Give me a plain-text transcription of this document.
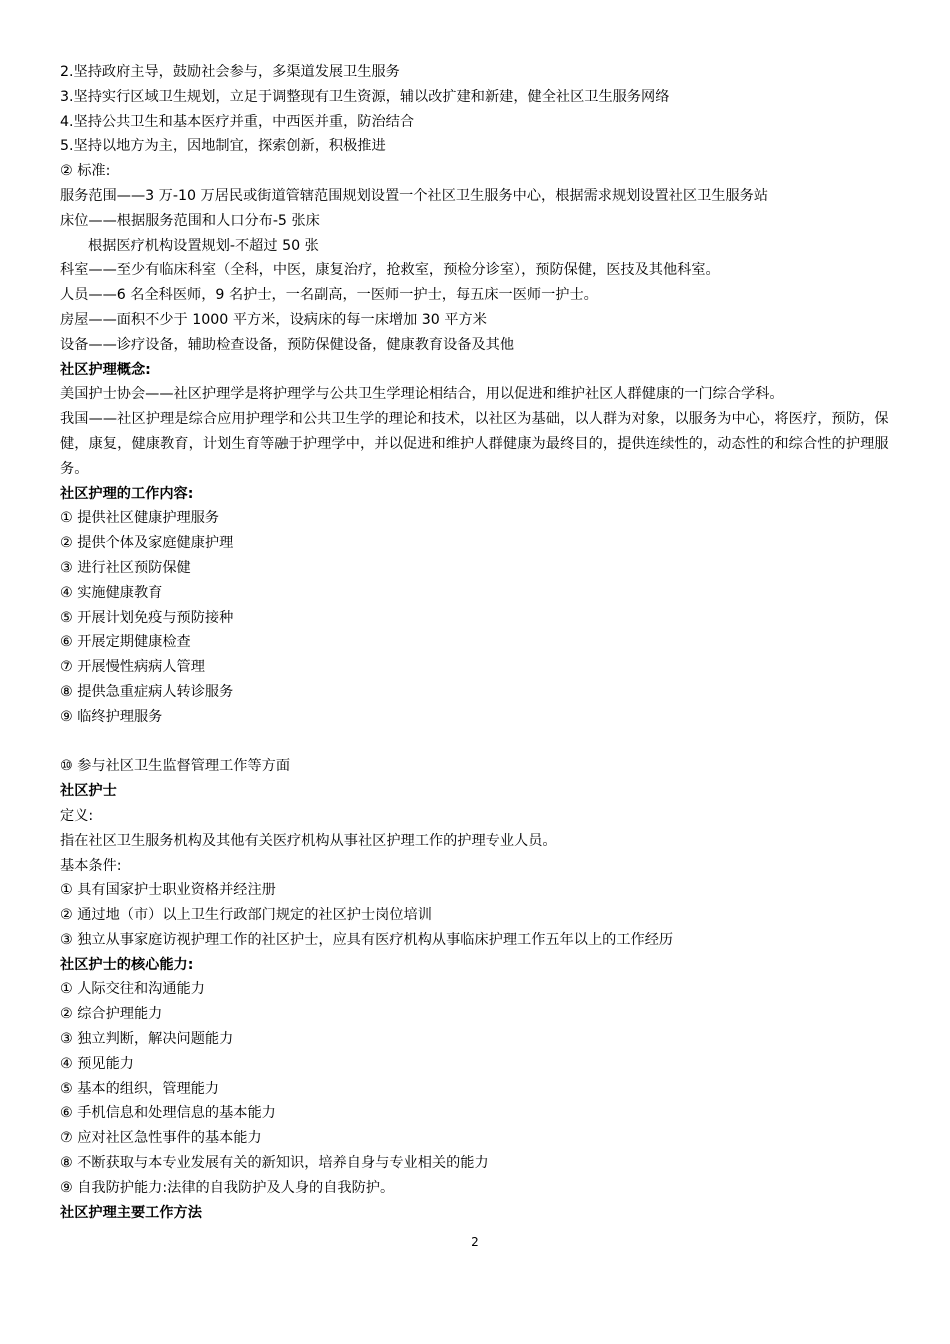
2.坚持政府主导，鼓励社会参与，多渠道发展卫生服务
3.坚持实行区域卫生规划，立足于调整现有卫生资源，辅以改扩建和新建，健全社区卫生服务网络
4.坚持公共卫生和基本医疗并重，中西医并重，防治结合
5.坚持以地方为主，因地制宜，探索创新，积极推进
② 标准:
服务范围——3 万-10 万居民或街道管辖范围规划设置一个社区卫生服务中心，根据需求规划设置社区卫生服务站
床位——根据服务范围和人口分布-5 张床
根据医疗机构设置规划-不超过 50 张
科室——至少有临床科室（全科，中医，康复治疗，抢救室，预检分诊室），预防保健，医技及其他科室。
人员——6 名全科医师，9 名护士，一名副高，一医师一护士，每五床一医师一护士。
房屋——面积不少于 1000 平方米，设病床的每一床增加 30 平方米
设备——诊疗设备，辅助检查设备，预防保健设备，健康教育设备及其他
社区护理概念:
美国护士协会——社区护理学是将护理学与公共卫生学理论相结合，用以促进和维护社区人群健康的一门综合学科。
我国——社区护理是综合应用护理学和公共卫生学的理论和技术，以社区为基础，以人群为对象，以服务为中心，将医疗，预防，保健，康复，健康教育，计划生育等融于护理学中，并以促进和维护人群健康为最终目的，提供连续性的，动态性的和综合性的护理服务。
社区护理的工作内容:
① 提供社区健康护理服务
② 提供个体及家庭健康护理
③ 进行社区预防保健
④ 实施健康教育
⑤ 开展计划免疫与预防接种
⑥ 开展定期健康检查
⑦ 开展慢性病病人管理
⑧ 提供急重症病人转诊服务
⑨ 临终护理服务
⑩ 参与社区卫生监督管理工作等方面
社区护士
定义:
指在社区卫生服务机构及其他有关医疗机构从事社区护理工作的护理专业人员。
基本条件:
① 具有国家护士职业资格并经注册
② 通过地（市）以上卫生行政部门规定的社区护士岗位培训
③ 独立从事家庭访视护理工作的社区护士，应具有医疗机构从事临床护理工作五年以上的工作经历
社区护士的核心能力:
① 人际交往和沟通能力
② 综合护理能力
③ 独立判断，解决问题能力
④ 预见能力
⑤ 基本的组织，管理能力
⑥ 手机信息和处理信息的基本能力
⑦ 应对社区急性事件的基本能力
⑧ 不断获取与本专业发展有关的新知识，培养自身与专业相关的能力
⑨ 自我防护能力:法律的自我防护及人身的自我防护。
社区护理主要工作方法
2
